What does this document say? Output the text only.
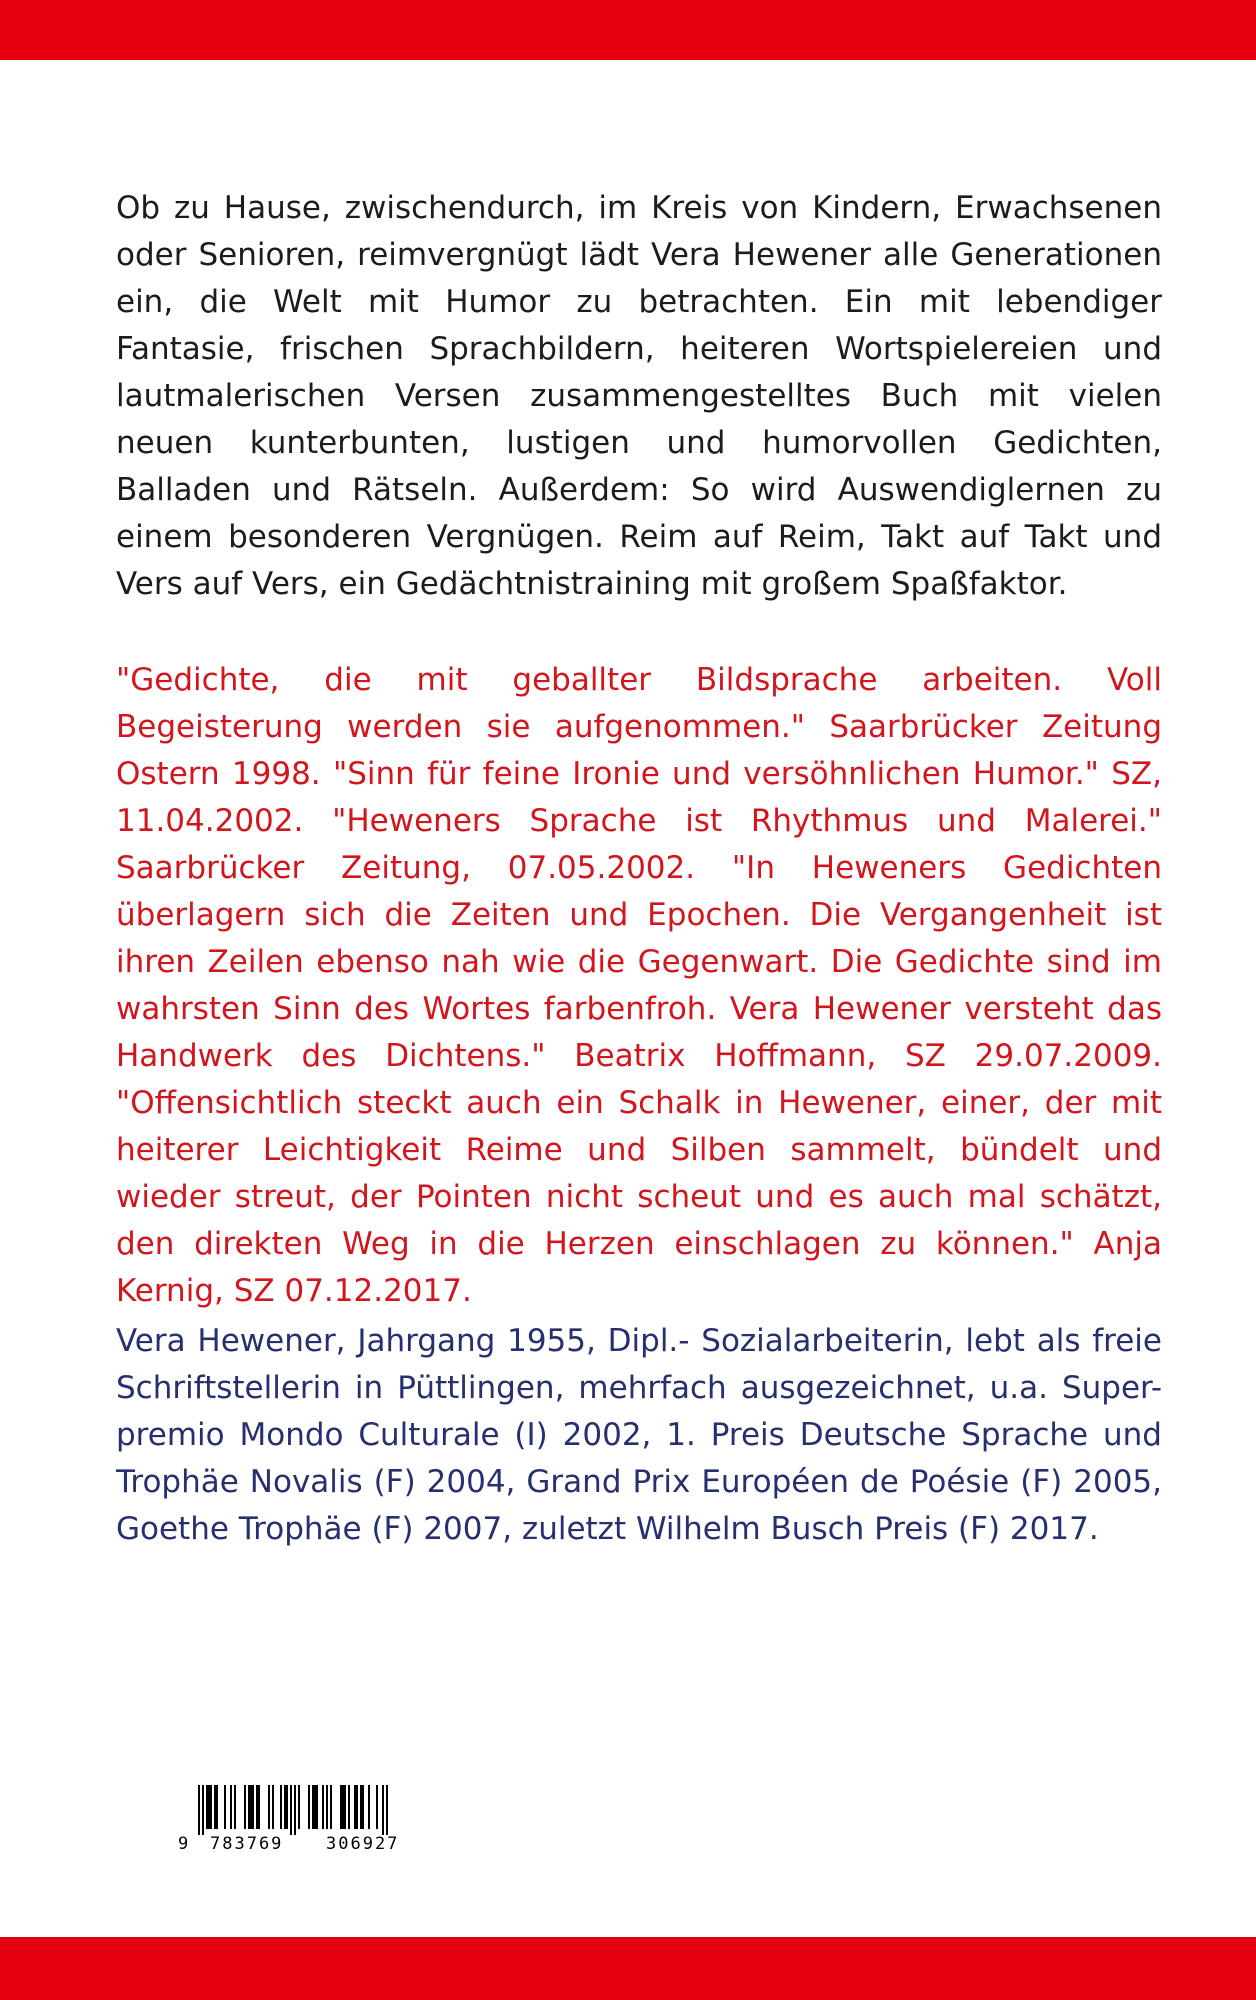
Ob zu Hause, zwischendurch, im Kreis von Kindern, Erwachsenen oder Senioren, reimvergnügt lädt Vera Hewener alle Generationen ein, die Welt mit Humor zu betrachten. Ein mit lebendiger Fantasie, frischen Sprachbildern, heiteren Wortspielereien und lautmalerischen Versen zusammengestelltes Buch mit vielen neuen kunterbunten, lustigen und humorvollen Gedichten, Balladen und Rätseln. Außerdem: So wird Auswendiglernen zu einem besonderen Vergnügen. Reim auf Reim, Takt auf Takt und Vers auf Vers, ein Gedächtnistraining mit großem Spaßfaktor.

"Gedichte, die mit geballter Bildsprache arbeiten. Voll Begeisterung werden sie aufgenommen." Saarbrücker Zeitung Ostern 1998. "Sinn für feine Ironie und versöhnlichen Humor." SZ, 11.04.2002. "Heweners Sprache ist Rhythmus und Malerei." Saarbrücker Zeitung, 07.05.2002. "In Heweners Gedichten überlagern sich die Zeiten und Epochen. Die Vergangenheit ist ihren Zeilen ebenso nah wie die Gegenwart. Die Gedichte sind im wahrsten Sinn des Wortes farbenfroh. Vera Hewener versteht das Handwerk des Dichtens." Beatrix Hoffmann, SZ 29.07.2009. "Offensichtlich steckt auch ein Schalk in Hewener, einer, der mit heiterer Leichtigkeit Reime und Silben sammelt, bündelt und wieder streut, der Pointen nicht scheut und es auch mal schätzt, den direkten Weg in die Herzen einschlagen zu können." Anja Kernig, SZ 07.12.2017.

Vera Hewener, Jahrgang 1955, Dipl.- Sozialarbeiterin, lebt als freie Schriftstellerin in Püttlingen, mehrfach ausgezeichnet, u.a. Super-premio Mondo Culturale (I) 2002, 1. Preis Deutsche Sprache und Trophäe Novalis (F) 2004, Grand Prix Européen de Poésie (F) 2005, Goethe Trophäe (F) 2007, zuletzt Wilhelm Busch Preis (F) 2017.

9 783769	306927
